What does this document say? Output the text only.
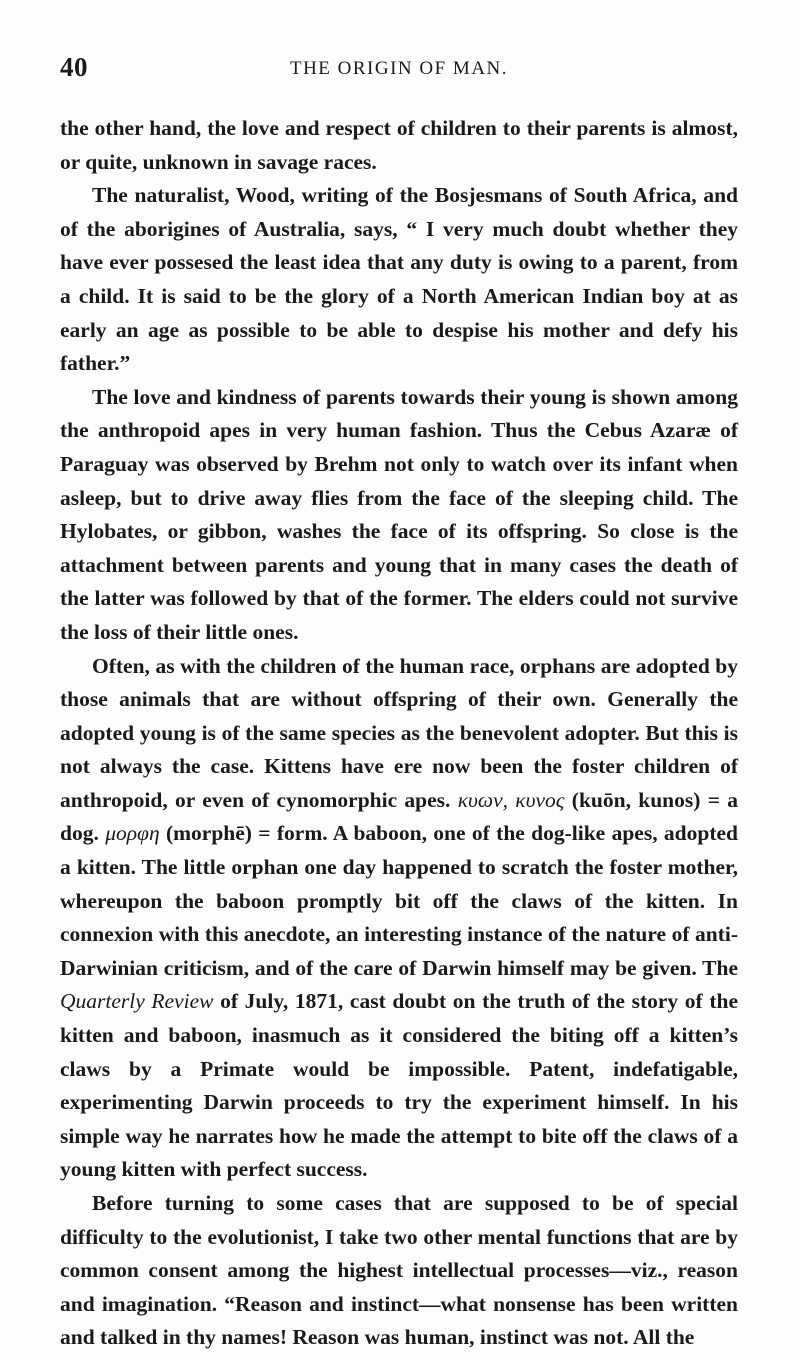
40	THE ORIGIN OF MAN.

the other hand, the love and respect of children to their parents is almost, or quite, unknown in savage races.

The naturalist, Wood, writing of the Bosjesmans of South Africa, and of the aborigines of Australia, says, “ I very much doubt whether they have ever possesed the least idea that any duty is owing to a parent, from a child. It is said to be the glory of a North American Indian boy at as early an age as possible to be able to despise his mother and defy his father.”

The love and kindness of parents towards their young is shown among the anthropoid apes in very human fashion. Thus the Cebus Azaræ of Paraguay was observed by Brehm not only to watch over its infant when asleep, but to drive away flies from the face of the sleeping child. The Hylobates, or gibbon, washes the face of its offspring. So close is the attachment between parents and young that in many cases the death of the latter was followed by that of the former. The elders could not survive the loss of their little ones.

Often, as with the children of the human race, orphans are adopted by those animals that are without offspring of their own. Generally the adopted young is of the same species as the benevolent adopter. But this is not always the case. Kittens have ere now been the foster children of anthropoid, or even of cynomorphic apes. κυων, κυνος (kuōn, kunos) = a dog. μορφη (morphē) = form. A baboon, one of the dog-like apes, adopted a kitten. The little orphan one day happened to scratch the foster mother, whereupon the baboon promptly bit off the claws of the kitten. In connexion with this anecdote, an interesting instance of the nature of anti-Darwinian criticism, and of the care of Darwin himself may be given. The Quarterly Review of July, 1871, cast doubt on the truth of the story of the kitten and baboon, inasmuch as it considered the biting off a kitten’s claws by a Primate would be impossible. Patent, indefatigable, experimenting Darwin proceeds to try the experiment himself. In his simple way he narrates how he made the attempt to bite off the claws of a young kitten with perfect success.

Before turning to some cases that are supposed to be of special difficulty to the evolutionist, I take two other mental functions that are by common consent among the highest intellectual processes—viz., reason and imagination. “Reason and instinct—what nonsense has been written and talked in thy names! Reason was human, instinct was not. All the
